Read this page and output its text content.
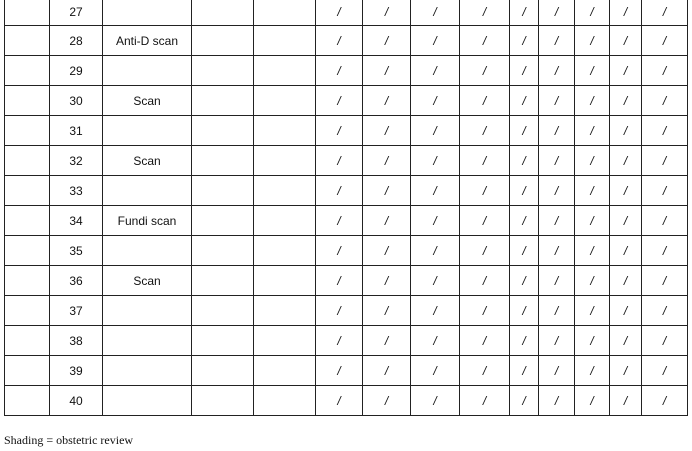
	27				/	/	/	/	/	/	/	/	/
	28	Anti-D scan			/	/	/	/	/	/	/	/	/
	29				/	/	/	/	/	/	/	/	/
	30	Scan			/	/	/	/	/	/	/	/	/
	31				/	/	/	/	/	/	/	/	/
	32	Scan			/	/	/	/	/	/	/	/	/
	33				/	/	/	/	/	/	/	/	/
	34	Fundi scan			/	/	/	/	/	/	/	/	/
	35				/	/	/	/	/	/	/	/	/
	36	Scan			/	/	/	/	/	/	/	/	/
	37				/	/	/	/	/	/	/	/	/
	38				/	/	/	/	/	/	/	/	/
	39				/	/	/	/	/	/	/	/	/
	40				/	/	/	/	/	/	/	/	/
Shading = obstetric review
